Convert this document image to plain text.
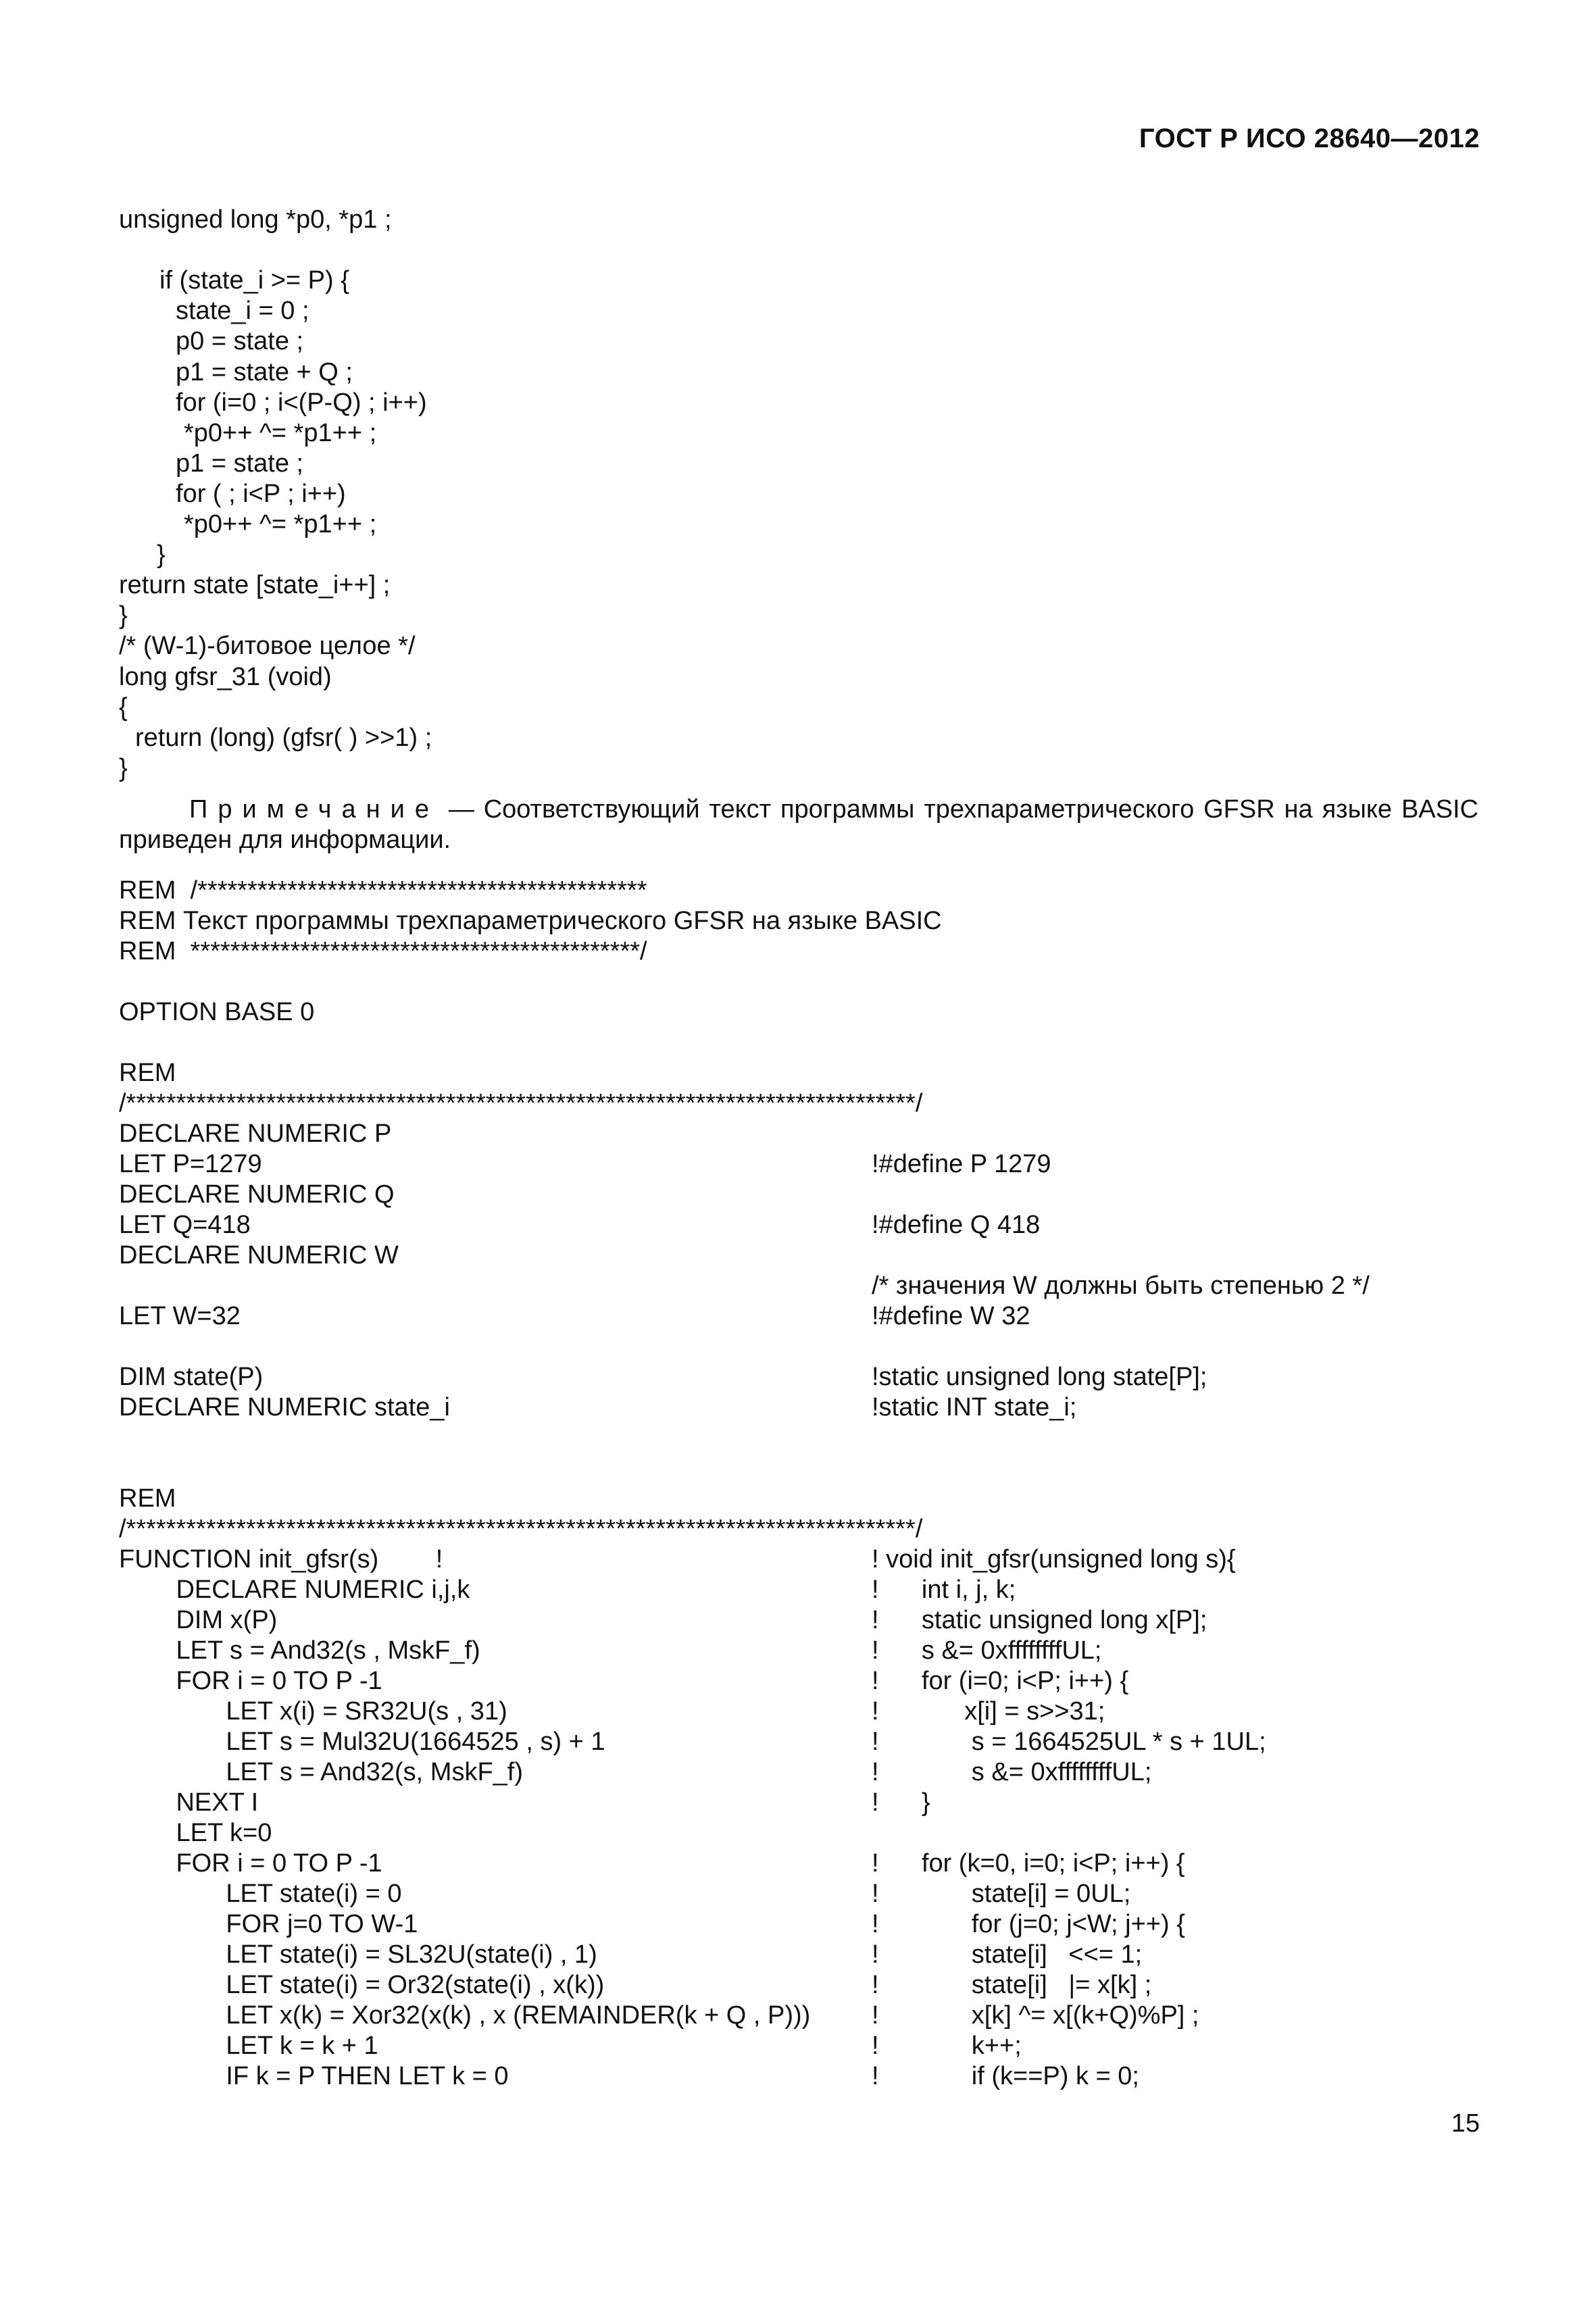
ГОСТ Р ИСО 28640—2012
unsigned long *p0, *p1 ;
if (state_i >= P) {
state_i = 0 ;
p0 = state ;
p1 = state + Q ;
for (i=0 ; i<(P-Q) ; i++)
*p0++ ^= *p1++ ;
p1 = state ;
for ( ; i<P ; i++)
*p0++ ^= *p1++ ;
}
return state [state_i++] ;
}
/* (W-1)-битовое целое */
long gfsr_31 (void)
{
return (long) (gfsr( ) >>1) ;
}
Примечание — Соответствующий текст программы трехпараметрического GFSR на языке BASIC приведен для информации.
REM  /*********************************************
REM Текст программы трехпараметрического GFSR на языке BASIC
REM  *********************************************/
OPTION BASE 0
REM
/*******************************************************************************/
DECLARE NUMERIC P
LET P=1279	!#define P 1279
DECLARE NUMERIC Q
LET Q=418	!#define Q 418
DECLARE NUMERIC W
/* значения W должны быть степенью 2 */
LET W=32	!#define W 32
DIM state(P)	!static unsigned long state[P];
DECLARE NUMERIC state_i	!static INT state_i;
REM
/*******************************************************************************/
FUNCTION init_gfsr(s)        !	! void init_gfsr(unsigned long s){
DECLARE NUMERIC i,j,k	!      int i, j, k;
DIM x(P)	!      static unsigned long x[P];
LET s = And32(s , MskF_f)	!      s &= 0xffffffffUL;
FOR i = 0 TO P -1	!      for (i=0; i<P; i++) {
LET x(i) = SR32U(s , 31)	!            x[i] = s>>31;
LET s = Mul32U(1664525 , s) + 1	!             s = 1664525UL * s + 1UL;
LET s = And32(s, MskF_f)	!             s &= 0xffffffffUL;
NEXT I	!      }
LET k=0
FOR i = 0 TO P -1	!      for (k=0, i=0; i<P; i++) {
LET state(i) = 0	!             state[i] = 0UL;
FOR j=0 TO W-1	!             for (j=0; j<W; j++) {
LET state(i) = SL32U(state(i) , 1)	!             state[i]   <<= 1;
LET state(i) = Or32(state(i) , x(k))	!             state[i]   |= x[k] ;
LET x(k) = Xor32(x(k) , x (REMAINDER(k + Q , P))) !             x[k] ^= x[(k+Q)%P] ;
LET k = k + 1	!             k++;
IF k = P THEN LET k = 0	!             if (k==P) k = 0;
15
